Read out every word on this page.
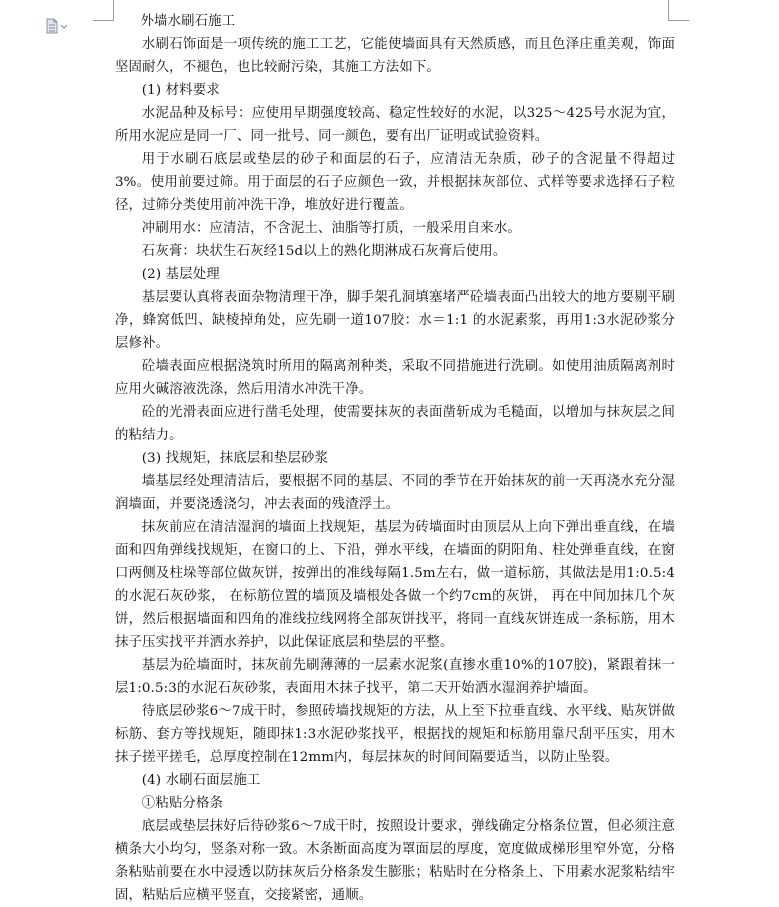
外墙水刷石施工

水刷石饰面是一项传统的施工工艺，它能使墙面具有天然质感，而且色泽庄重美观，饰面坚固耐久，不褪色，也比较耐污染，其施工方法如下。

(1) 材料要求

水泥品种及标号：应使用早期强度较高、稳定性较好的水泥，以325～425号水泥为宜，所用水泥应是同一厂、同一批号、同一颜色，要有出厂证明或试验资料。

用于水刷石底层或垫层的砂子和面层的石子，应清洁无杂质，砂子的含泥量不得超过3%。使用前要过筛。用于面层的石子应颜色一致，并根据抹灰部位、式样等要求选择石子粒径，过筛分类使用前冲洗干净，堆放好进行覆盖。

冲刷用水：应清洁，不含泥土、油脂等打质，一般采用自来水。

石灰膏：块状生石灰经15d以上的熟化期淋成石灰膏后使用。

(2) 基层处理

基层要认真将表面杂物清理干净，脚手架孔洞填塞堵严砼墙表面凸出较大的地方要剔平刷净，蜂窝低凹、缺棱掉角处，应先刷一道107胶：水＝1:1 的水泥素浆，再用1:3水泥砂浆分层修补。

砼墙表面应根据浇筑时所用的隔离剂种类，采取不同措施进行洗刷。如使用油质隔离剂时应用火碱溶液洗涤，然后用清水冲洗干净。

砼的光滑表面应进行凿毛处理，使需要抹灰的表面凿斩成为毛糙面，以增加与抹灰层之间的粘结力。

(3) 找规矩，抹底层和垫层砂浆

墙基层经处理清洁后，要根据不同的基层、不同的季节在开始抹灰的前一天再浇水充分湿润墙面，并要浇透浇匀，冲去表面的残渣浮土。

抹灰前应在清洁湿润的墙面上找规矩，基层为砖墙面时由顶层从上向下弹出垂直线，在墙面和四角弹线找规矩，在窗口的上、下沿，弹水平线，在墙面的阴阳角、柱处弹垂直线，在窗口两侧及柱垛等部位做灰饼，按弹出的准线每隔1.5m左右，做一道标筋，其做法是用1:0.5:4的水泥石灰砂浆， 在标筋位置的墙顶及墙根处各做一个约7cm的灰饼， 再在中间加抹几个灰饼，然后根据墙面和四角的准线拉线网将全部灰饼找平，将同一直线灰饼连成一条标筋，用木抹子压实找平并洒水养护，以此保证底层和垫层的平整。

基层为砼墙面时，抹灰前先刷薄薄的一层素水泥浆(直掺水重10%的107胶)，紧跟着抹一层1:0.5:3的水泥石灰砂浆，表面用木抹子找平，第二天开始洒水湿润养护墙面。

待底层砂浆6～7成干时，参照砖墙找规矩的方法，从上至下拉垂直线、水平线、贴灰饼做标筋、套方等找规矩，随即抹1:3水泥砂浆找平，根据找的规矩和标筋用靠尺刮平压实，用木抹子搓平搓毛，总厚度控制在12mm内，每层抹灰的时间间隔要适当，以防止坠裂。

(4) 水刷石面层施工

①粘贴分格条

底层或垫层抹好后待砂浆6～7成干时，按照设计要求，弹线确定分格条位置，但必须注意横条大小均匀，竖条对称一致。木条断面高度为罩面层的厚度，宽度做成梯形里窄外宽，分格条粘贴前要在水中浸透以防抹灰后分格条发生膨胀；粘贴时在分格条上、下用素水泥浆粘结牢固，粘贴后应横平竖直，交接紧密，通顺。
